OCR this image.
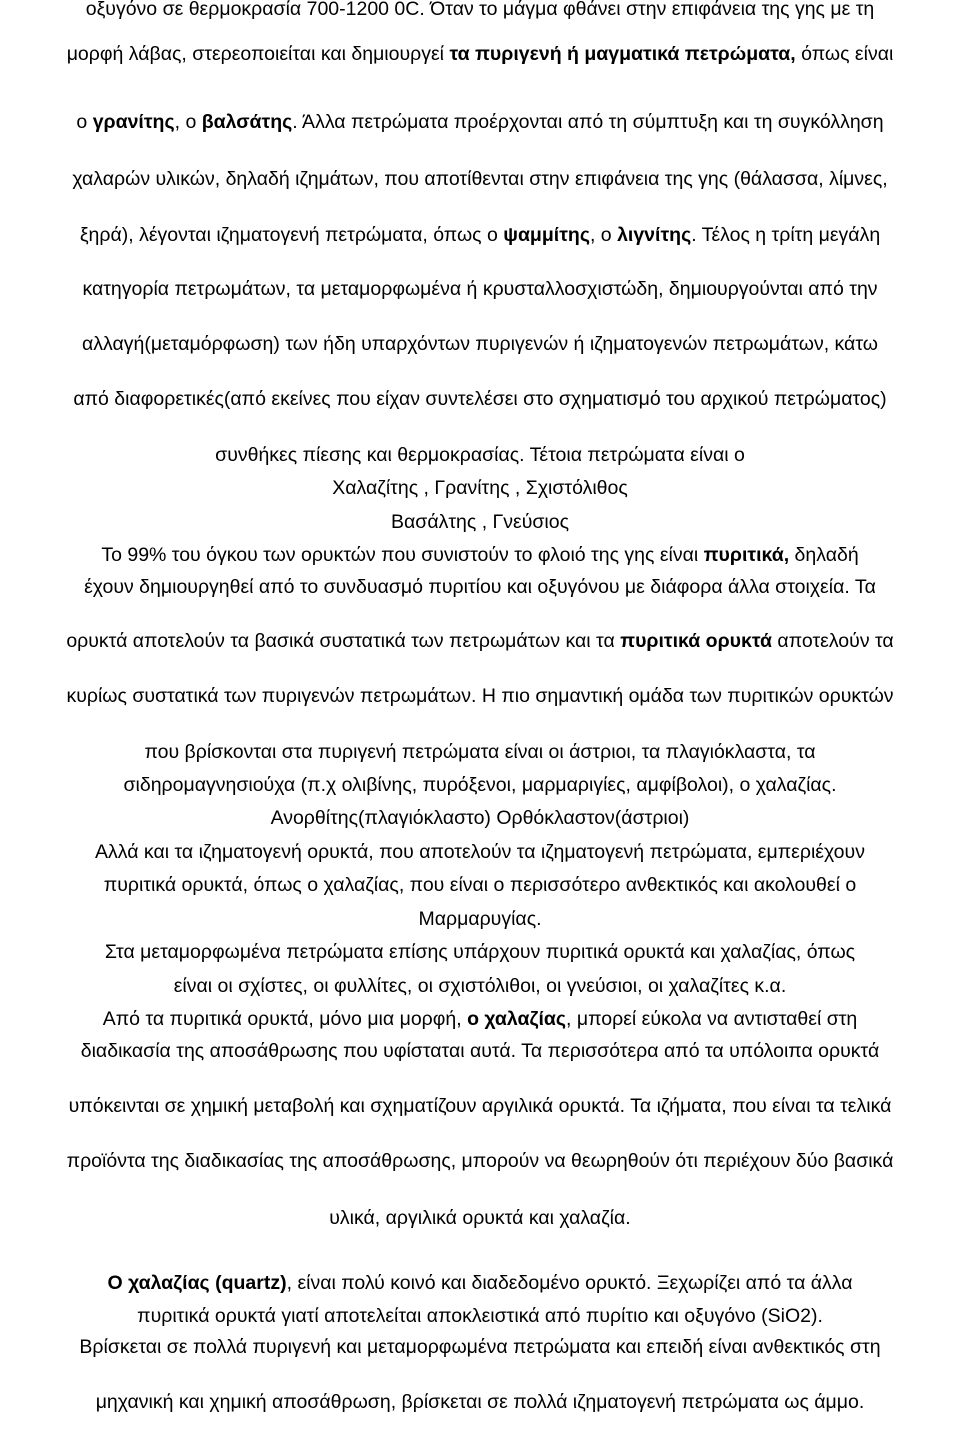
οξυγόνο σε θερμοκρασία 700-1200 0C. Όταν το μάγμα φθάνει στην επιφάνεια της γης με τη
μορφή λάβας, στερεοποιείται και δημιουργεί τα πυριγενή ή μαγματικά πετρώματα, όπως είναι
ο γρανίτης, ο βαλσάτης. Άλλα πετρώματα προέρχονται από τη σύμπτυξη και τη συγκόλληση
χαλαρών υλικών, δηλαδή ιζημάτων, που αποτίθενται στην επιφάνεια της γης (θάλασσα, λίμνες,
ξηρά), λέγονται ιζηματογενή πετρώματα, όπως ο ψαμμίτης, ο λιγνίτης. Τέλος η τρίτη μεγάλη
κατηγορία πετρωμάτων, τα μεταμορφωμένα ή κρυσταλλοσχιστώδη, δημιουργούνται από την
αλλαγή(μεταμόρφωση) των ήδη υπαρχόντων πυριγενών ή ιζηματογενών πετρωμάτων, κάτω
από διαφορετικές(από εκείνες που είχαν συντελέσει στο σχηματισμό του αρχικού πετρώματος)
συνθήκες πίεσης και θερμοκρασίας. Τέτοια πετρώματα είναι ο
Χαλαζίτης , Γρανίτης , Σχιστόλιθος
Βασάλτης , Γνεύσιος
Το 99% του όγκου των ορυκτών που συνιστούν το φλοιό της γης είναι πυριτικά, δηλαδή
έχουν δημιουργηθεί από το συνδυασμό πυριτίου και οξυγόνου με διάφορα άλλα στοιχεία. Τα
ορυκτά αποτελούν τα βασικά συστατικά των πετρωμάτων και τα πυριτικά ορυκτά αποτελούν τα
κυρίως συστατικά των πυριγενών πετρωμάτων. Η πιο σημαντική ομάδα των πυριτικών ορυκτών
που βρίσκονται στα πυριγενή πετρώματα είναι οι άστριοι, τα πλαγιόκλαστα, τα
σιδηρομαγνησιούχα (π.χ ολιβίνης, πυρόξενοι, μαρμαριγίες, αμφίβολοι), ο χαλαζίας.
Ανορθίτης(πλαγιόκλαστο) Ορθόκλαστον(άστριοι)
Αλλά και τα ιζηματογενή ορυκτά, που αποτελούν τα ιζηματογενή πετρώματα, εμπεριέχουν
πυριτικά ορυκτά, όπως ο χαλαζίας, που είναι ο περισσότερο ανθεκτικός και ακολουθεί ο
Μαρμαρυγίας.
Στα μεταμορφωμένα πετρώματα επίσης υπάρχουν πυριτικά ορυκτά και χαλαζίας, όπως
είναι οι σχίστες, οι φυλλίτες, οι σχιστόλιθοι, οι γνεύσιοι, οι χαλαζίτες κ.α.
Από τα πυριτικά ορυκτά, μόνο μια μορφή, ο χαλαζίας, μπορεί εύκολα να αντισταθεί στη
διαδικασία της αποσάθρωσης που υφίσταται αυτά. Τα περισσότερα από τα υπόλοιπα ορυκτά
υπόκεινται σε χημική μεταβολή και σχηματίζουν αργιλικά ορυκτά. Τα ιζήματα, που είναι τα τελικά
προϊόντα της διαδικασίας της αποσάθρωσης, μπορούν να θεωρηθούν ότι περιέχουν δύο βασικά
υλικά, αργιλικά ορυκτά και χαλαζία.
Ο χαλαζίας (quartz), είναι πολύ κοινό και διαδεδομένο ορυκτό. Ξεχωρίζει από τα άλλα
πυριτικά ορυκτά γιατί αποτελείται αποκλειστικά από πυρίτιο και οξυγόνο (SiO2).
Βρίσκεται σε πολλά πυριγενή και μεταμορφωμένα πετρώματα και επειδή είναι ανθεκτικός στη
μηχανική και χημική αποσάθρωση, βρίσκεται σε πολλά ιζηματογενή πετρώματα ως άμμο.
